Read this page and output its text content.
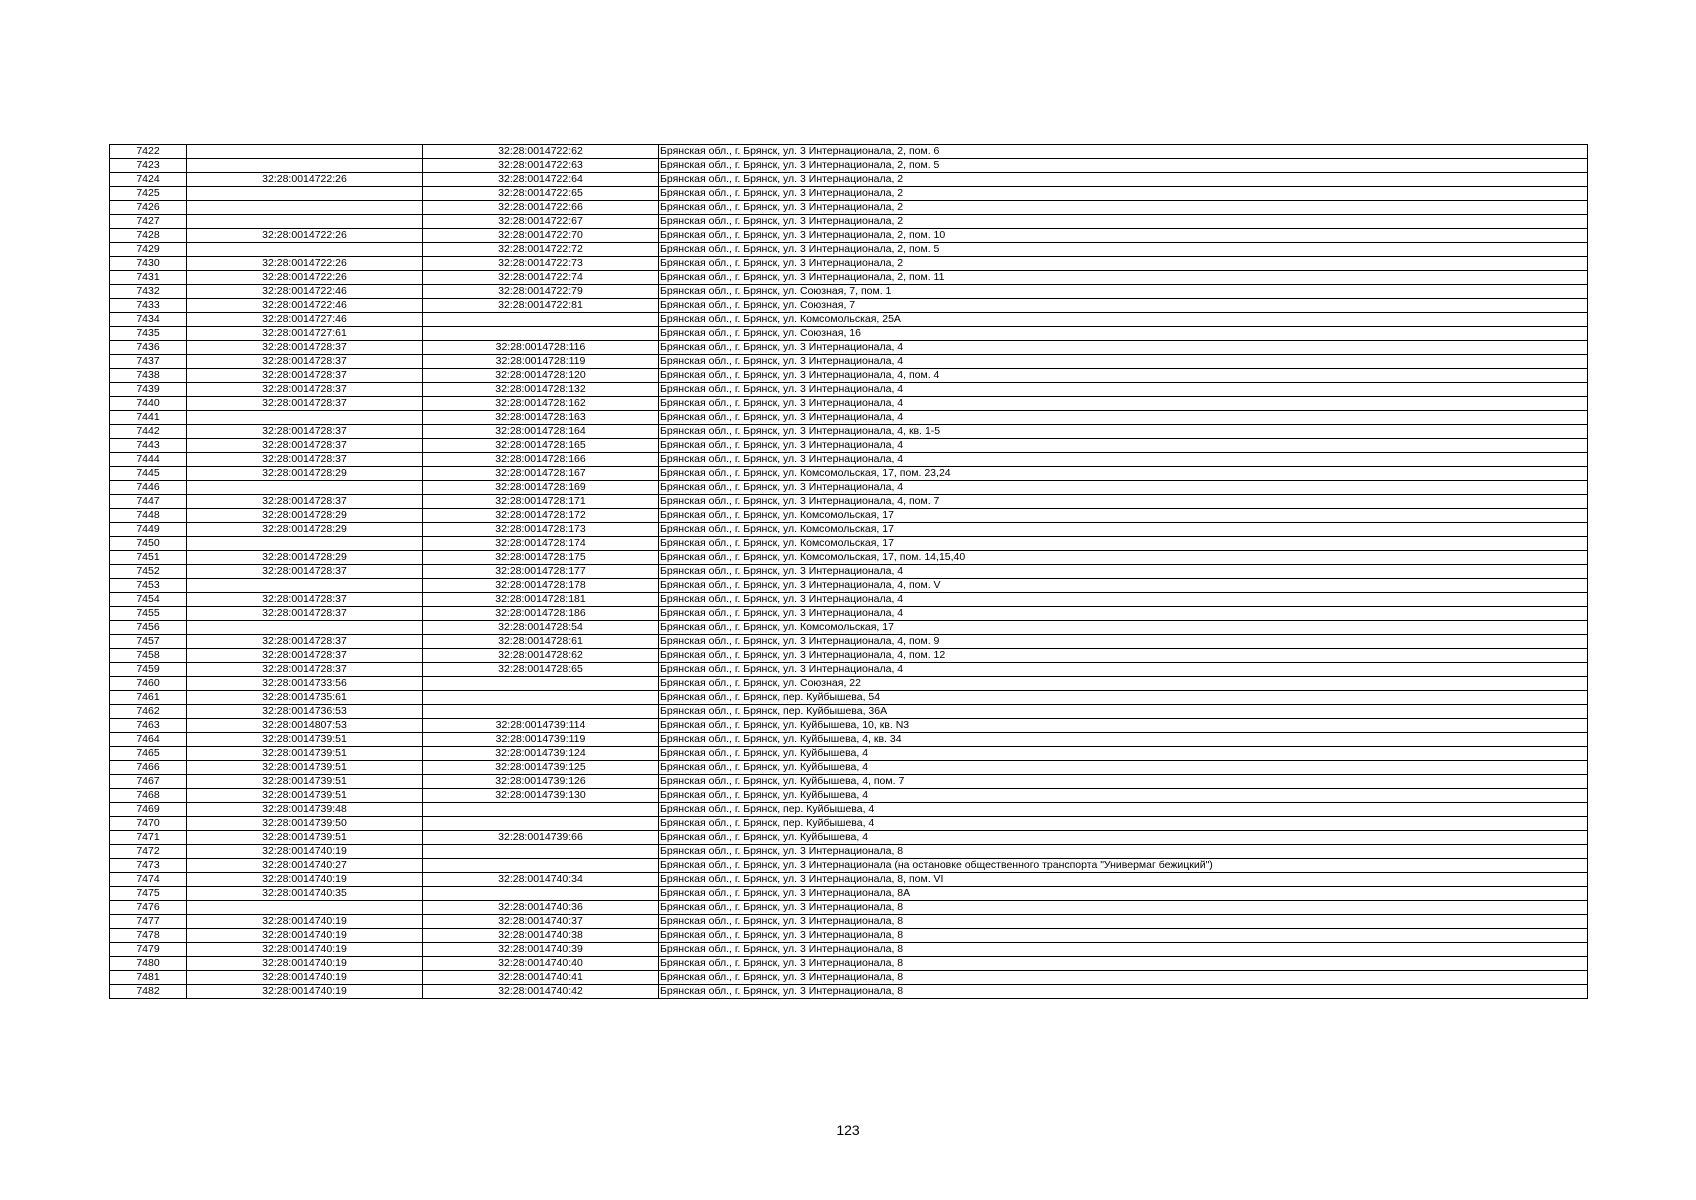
7422		32:28:0014722:62	Брянская обл., г. Брянск, ул. 3 Интернационала, 2, пом. 6
7423		32:28:0014722:63	Брянская обл., г. Брянск, ул. 3 Интернационала, 2, пом. 5
7424	32:28:0014722:26	32:28:0014722:64	Брянская обл., г. Брянск, ул. 3 Интернационала, 2
7425		32:28:0014722:65	Брянская обл., г. Брянск, ул. 3 Интернационала, 2
7426		32:28:0014722:66	Брянская обл., г. Брянск, ул. 3 Интернационала, 2
7427		32:28:0014722:67	Брянская обл., г. Брянск, ул. 3 Интернационала, 2
7428	32:28:0014722:26	32:28:0014722:70	Брянская обл., г. Брянск, ул. 3 Интернационала, 2, пом. 10
7429		32:28:0014722:72	Брянская обл., г. Брянск, ул. 3 Интернационала, 2, пом. 5
7430	32:28:0014722:26	32:28:0014722:73	Брянская обл., г. Брянск, ул. 3 Интернационала, 2
7431	32:28:0014722:26	32:28:0014722:74	Брянская обл., г. Брянск, ул. 3 Интернационала, 2, пом. 11
7432	32:28:0014722:46	32:28:0014722:79	Брянская обл., г. Брянск, ул. Союзная, 7, пом. 1
7433	32:28:0014722:46	32:28:0014722:81	Брянская обл., г. Брянск, ул. Союзная, 7
7434	32:28:0014727:46		Брянская обл., г. Брянск, ул. Комсомольская, 25А
7435	32:28:0014727:61		Брянская обл., г. Брянск, ул. Союзная, 16
7436	32:28:0014728:37	32:28:0014728:116	Брянская обл., г. Брянск, ул. 3 Интернационала, 4
7437	32:28:0014728:37	32:28:0014728:119	Брянская обл., г. Брянск, ул. 3 Интернационала, 4
7438	32:28:0014728:37	32:28:0014728:120	Брянская обл., г. Брянск, ул. 3 Интернационала, 4, пом. 4
7439	32:28:0014728:37	32:28:0014728:132	Брянская обл., г. Брянск, ул. 3 Интернационала, 4
7440	32:28:0014728:37	32:28:0014728:162	Брянская обл., г. Брянск, ул. 3 Интернационала, 4
7441		32:28:0014728:163	Брянская обл., г. Брянск, ул. 3 Интернационала, 4
7442	32:28:0014728:37	32:28:0014728:164	Брянская обл., г. Брянск, ул. 3 Интернационала, 4, кв. 1-5
7443	32:28:0014728:37	32:28:0014728:165	Брянская обл., г. Брянск, ул. 3 Интернационала, 4
7444	32:28:0014728:37	32:28:0014728:166	Брянская обл., г. Брянск, ул. 3 Интернационала, 4
7445	32:28:0014728:29	32:28:0014728:167	Брянская обл., г. Брянск, ул. Комсомольская, 17, пом. 23,24
7446		32:28:0014728:169	Брянская обл., г. Брянск, ул. 3 Интернационала, 4
7447	32:28:0014728:37	32:28:0014728:171	Брянская обл., г. Брянск, ул. 3 Интернационала, 4, пом. 7
7448	32:28:0014728:29	32:28:0014728:172	Брянская обл., г. Брянск, ул. Комсомольская, 17
7449	32:28:0014728:29	32:28:0014728:173	Брянская обл., г. Брянск, ул. Комсомольская, 17
7450		32:28:0014728:174	Брянская обл., г. Брянск, ул. Комсомольская, 17
7451	32:28:0014728:29	32:28:0014728:175	Брянская обл., г. Брянск, ул. Комсомольская, 17, пом. 14,15,40
7452	32:28:0014728:37	32:28:0014728:177	Брянская обл., г. Брянск, ул. 3 Интернационала, 4
7453		32:28:0014728:178	Брянская обл., г. Брянск, ул. 3 Интернационала, 4, пом. V
7454	32:28:0014728:37	32:28:0014728:181	Брянская обл., г. Брянск, ул. 3 Интернационала, 4
7455	32:28:0014728:37	32:28:0014728:186	Брянская обл., г. Брянск, ул. 3 Интернационала, 4
7456		32:28:0014728:54	Брянская обл., г. Брянск, ул. Комсомольская, 17
7457	32:28:0014728:37	32:28:0014728:61	Брянская обл., г. Брянск, ул. 3 Интернационала, 4, пом. 9
7458	32:28:0014728:37	32:28:0014728:62	Брянская обл., г. Брянск, ул. 3 Интернационала, 4, пом. 12
7459	32:28:0014728:37	32:28:0014728:65	Брянская обл., г. Брянск, ул. 3 Интернационала, 4
7460	32:28:0014733:56		Брянская обл., г. Брянск, ул. Союзная, 22
7461	32:28:0014735:61		Брянская обл., г. Брянск, пер. Куйбышева, 54
7462	32:28:0014736:53		Брянская обл., г. Брянск, пер. Куйбышева, 36А
7463	32:28:0014807:53	32:28:0014739:114	Брянская обл., г. Брянск, ул. Куйбышева, 10, кв. N3
7464	32:28:0014739:51	32:28:0014739:119	Брянская обл., г. Брянск, ул. Куйбышева, 4, кв. 34
7465	32:28:0014739:51	32:28:0014739:124	Брянская обл., г. Брянск, ул. Куйбышева, 4
7466	32:28:0014739:51	32:28:0014739:125	Брянская обл., г. Брянск, ул. Куйбышева, 4
7467	32:28:0014739:51	32:28:0014739:126	Брянская обл., г. Брянск, ул. Куйбышева, 4, пом. 7
7468	32:28:0014739:51	32:28:0014739:130	Брянская обл., г. Брянск, ул. Куйбышева, 4
7469	32:28:0014739:48		Брянская обл., г. Брянск, пер. Куйбышева, 4
7470	32:28:0014739:50		Брянская обл., г. Брянск, пер. Куйбышева, 4
7471	32:28:0014739:51	32:28:0014739:66	Брянская обл., г. Брянск, ул. Куйбышева, 4
7472	32:28:0014740:19		Брянская обл., г. Брянск, ул. 3 Интернационала, 8
7473	32:28:0014740:27		Брянская обл., г. Брянск, ул. 3 Интернационала (на остановке общественного транспорта "Универмаг бежицкий")
7474	32:28:0014740:19	32:28:0014740:34	Брянская обл., г. Брянск, ул. 3 Интернационала, 8, пом. VI
7475	32:28:0014740:35		Брянская обл., г. Брянск, ул. 3 Интернационала, 8А
7476		32:28:0014740:36	Брянская обл., г. Брянск, ул. 3 Интернационала, 8
7477	32:28:0014740:19	32:28:0014740:37	Брянская обл., г. Брянск, ул. 3 Интернационала, 8
7478	32:28:0014740:19	32:28:0014740:38	Брянская обл., г. Брянск, ул. 3 Интернационала, 8
7479	32:28:0014740:19	32:28:0014740:39	Брянская обл., г. Брянск, ул. 3 Интернационала, 8
7480	32:28:0014740:19	32:28:0014740:40	Брянская обл., г. Брянск, ул. 3 Интернационала, 8
7481	32:28:0014740:19	32:28:0014740:41	Брянская обл., г. Брянск, ул. 3 Интернационала, 8
7482	32:28:0014740:19	32:28:0014740:42	Брянская обл., г. Брянск, ул. 3 Интернационала, 8
123
